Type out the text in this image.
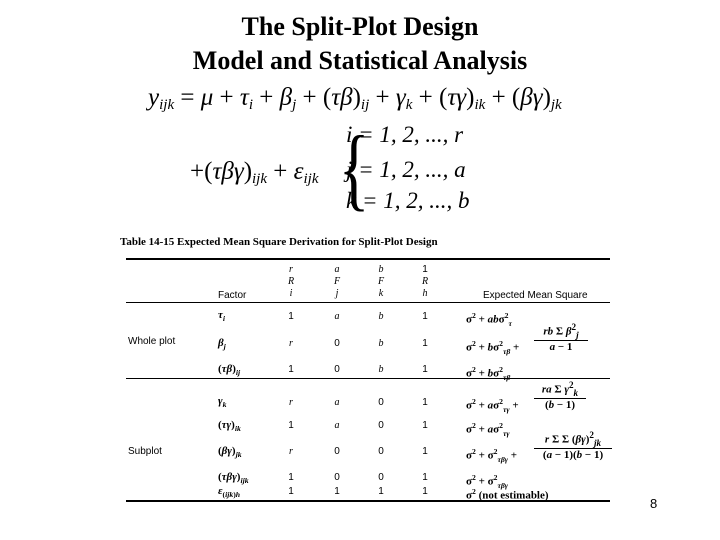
The Split-Plot Design
Model and Statistical Analysis
$y_{ijk} = \mu + \tau_i + \beta_j + (\tau\beta)_{ij} + \gamma_k + (\tau\gamma)_{ik} + (\beta\gamma)_{jk}$
$+(\tau\beta\gamma)_{ijk} + \varepsilon_{ijk}$ {
i = 1, 2, ..., r
j = 1, 2, ..., a
k = 1, 2, ..., b
Table 14-15 Expected Mean Square Derivation for Split-Plot Design
r	a	b	1
R	F	F	R
i	j	k	h
Factor	Expected Mean Square
Whole plot
Subplot
$\tau_i$	1	a	b	1	$\sigma^2 + ab\sigma^2_\tau$
$\beta_j$	r	0	b	1	$\sigma^2 + b\sigma^2_{\tau\beta}$ +
rb Σ $\beta^2_j$
a − 1
$(\tau\beta)_{ij}$	1	0	b	1	$\sigma^2 + b\sigma^2_{\tau\beta}$
$\gamma_k$	r	a	0	1	$\sigma^2 + a\sigma^2_{\tau\gamma}$ +
ra Σ $\gamma^2_k$
(b − 1)
$(\tau\gamma)_{ik}$	1	a	0	1	$\sigma^2 + a\sigma^2_{\tau\gamma}$
$(\beta\gamma)_{jk}$	r	0	0	1	$\sigma^2 + \sigma^2_{\tau\beta\gamma}$ +
r Σ Σ $(\beta\gamma)^2_{jk}$
(a − 1)(b − 1)
$(\tau\beta\gamma)_{ijk}$	1	0	0	1	$\sigma^2 + \sigma^2_{\tau\beta\gamma}$
$\varepsilon_{(ijk)h}$	1	1	1	1	$\sigma^2$ (not estimable)
8
